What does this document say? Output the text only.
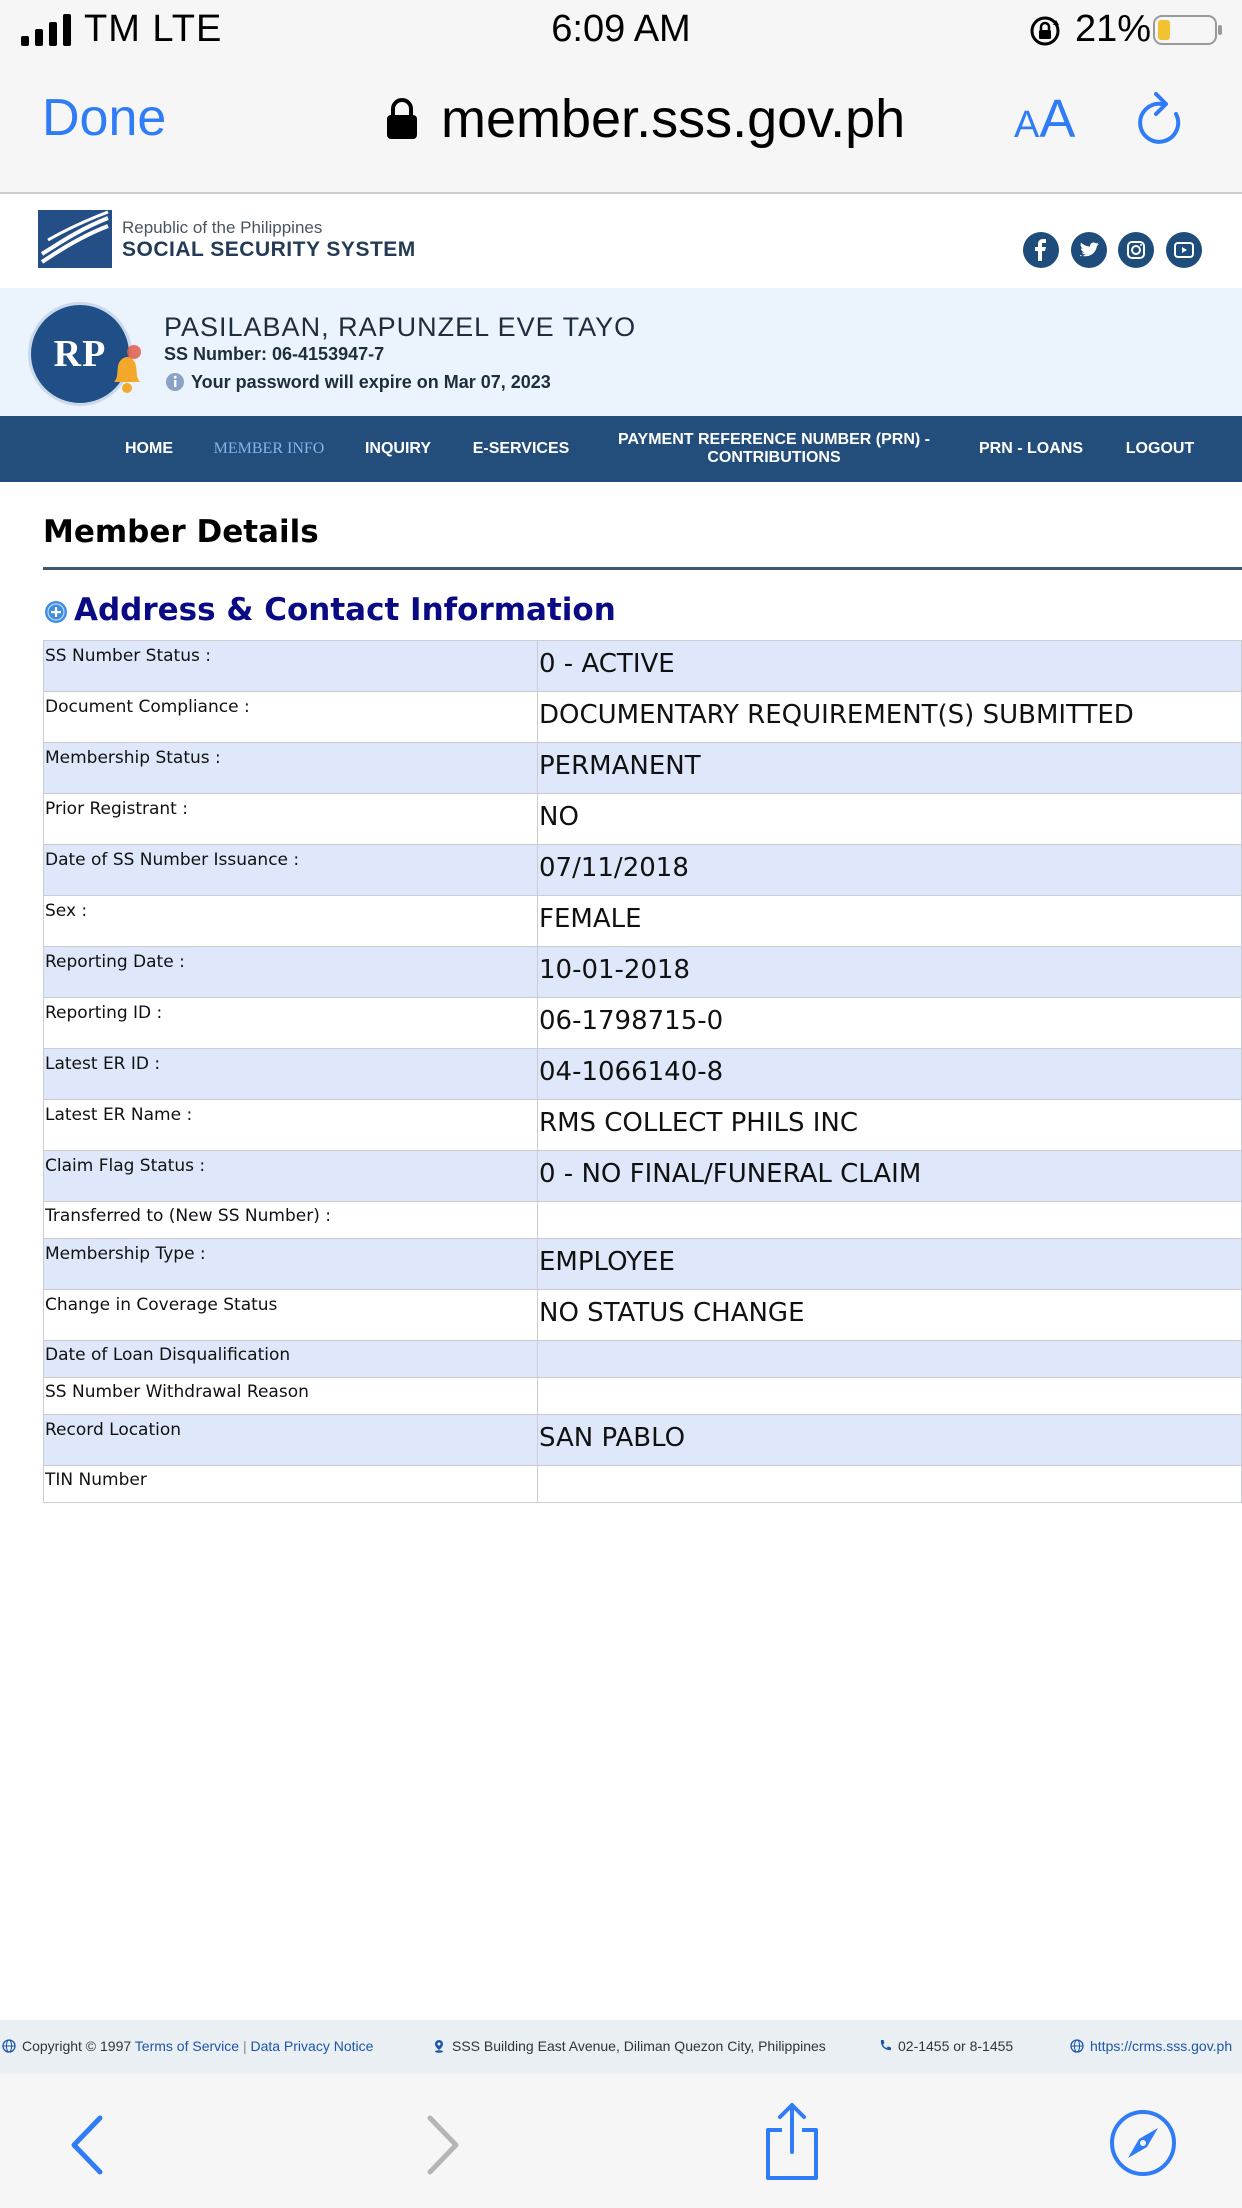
TM LTE	6:09 AM	21%
Done	member.sss.gov.ph	AA
Republic of the Philippines
SOCIAL SECURITY SYSTEM
RP
PASILABAN, RAPUNZEL EVE TAYO
SS Number: 06-4153947-7
Your password will expire on Mar 07, 2023
HOME	MEMBER INFO	INQUIRY	E-SERVICES
PAYMENT REFERENCE NUMBER (PRN) - CONTRIBUTIONS
PRN - LOANS	LOGOUT
Member Details
Address & Contact Information
SS Number Status :	0 - ACTIVE
Document Compliance :	DOCUMENTARY REQUIREMENT(S) SUBMITTED
Membership Status :	PERMANENT
Prior Registrant :	NO
Date of SS Number Issuance :	07/11/2018
Sex :	FEMALE
Reporting Date :	10-01-2018
Reporting ID :	06-1798715-0
Latest ER ID :	04-1066140-8
Latest ER Name :	RMS COLLECT PHILS INC
Claim Flag Status :	0 - NO FINAL/FUNERAL CLAIM
Transferred to (New SS Number) :	
Membership Type :	EMPLOYEE
Change in Coverage Status	NO STATUS CHANGE
Date of Loan Disqualification	
SS Number Withdrawal Reason	
Record Location	SAN PABLO
TIN Number	
Copyright © 1997 Terms of Service | Data Privacy Notice	SSS Building East Avenue, Diliman Quezon City, Philippines	02-1455 or 8-1455	https://crms.sss.gov.ph
